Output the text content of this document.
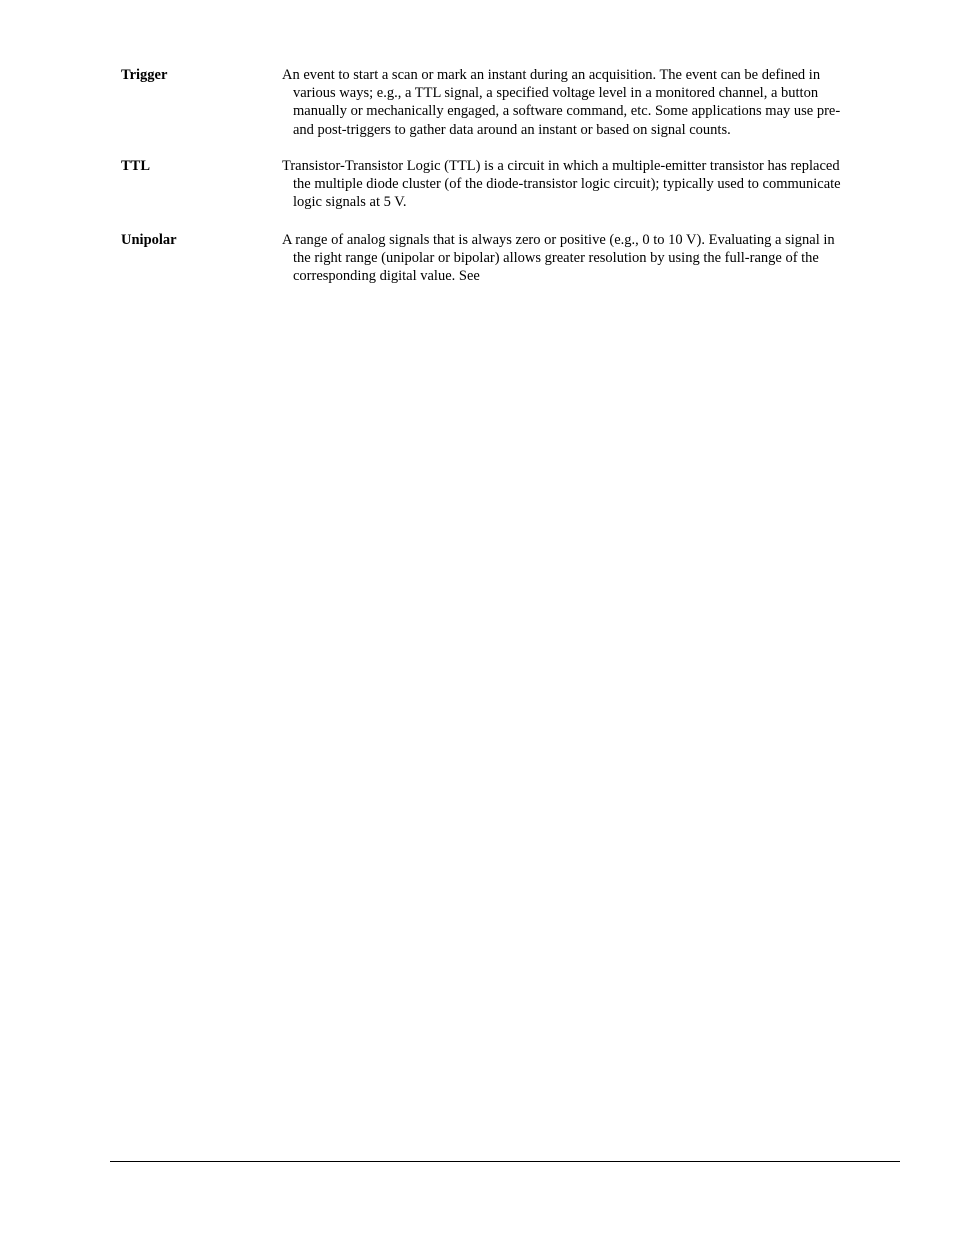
Trigger	An event to start a scan or mark an instant during an acquisition. The event can be defined in
various ways; e.g., a TTL signal, a specified voltage level in a monitored channel, a button
manually or mechanically engaged, a software command, etc. Some applications may use pre-
and post-triggers to gather data around an instant or based on signal counts.
TTL	Transistor-Transistor Logic (TTL) is a circuit in which a multiple-emitter transistor has replaced
the multiple diode cluster (of the diode-transistor logic circuit); typically used to communicate
logic signals at 5 V.
Unipolar	A range of analog signals that is always zero or positive (e.g., 0 to 10 V). Evaluating a signal in
the right range (unipolar or bipolar) allows greater resolution by using the full-range of the
corresponding digital value. See
